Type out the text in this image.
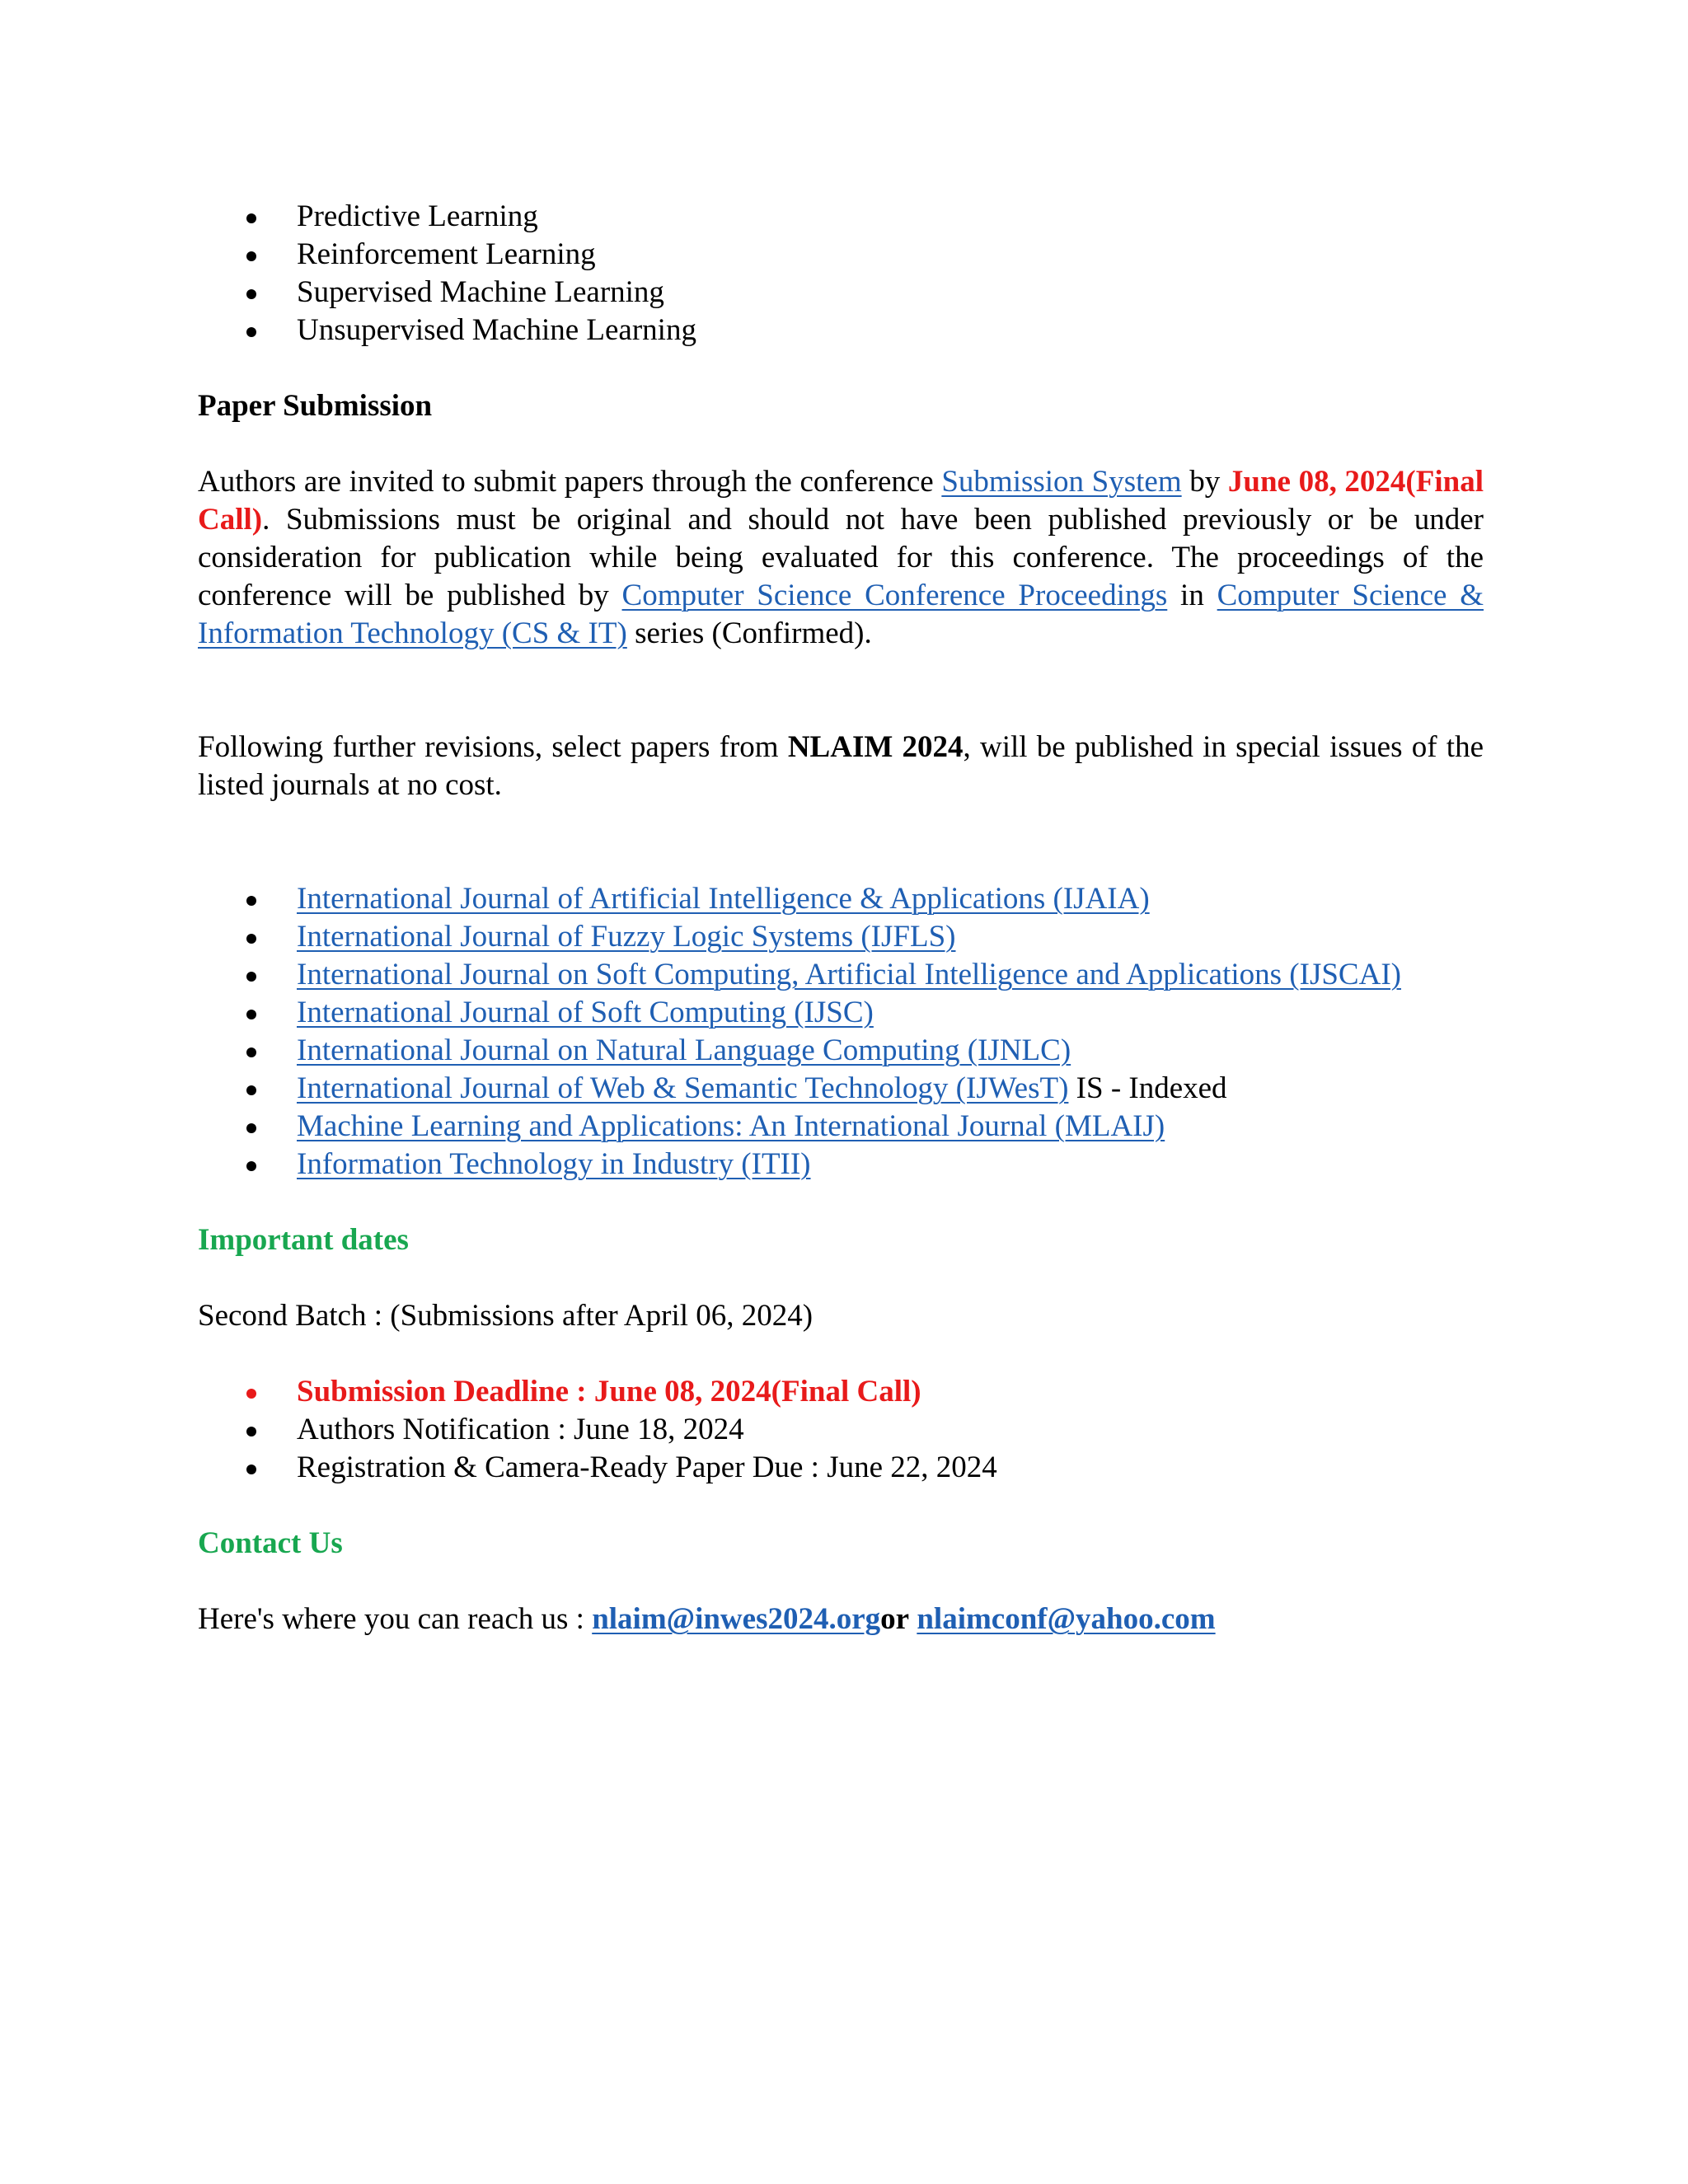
Predictive Learning
Reinforcement Learning
Supervised Machine Learning
Unsupervised Machine Learning

Paper Submission

Authors are invited to submit papers through the conference Submission System by June 08, 2024(Final Call). Submissions must be original and should not have been published previously or be under consideration for publication while being evaluated for this conference. The proceedings of the conference will be published by Computer Science Conference Proceedings in Computer Science & Information Technology (CS & IT) series (Confirmed).

Following further revisions, select papers from NLAIM 2024, will be published in special issues of the listed journals at no cost.

International Journal of Artificial Intelligence & Applications (IJAIA)
International Journal of Fuzzy Logic Systems (IJFLS)
International Journal on Soft Computing, Artificial Intelligence and Applications (IJSCAI)
International Journal of Soft Computing (IJSC)
International Journal on Natural Language Computing (IJNLC)
International Journal of Web & Semantic Technology (IJWesT) IS - Indexed
Machine Learning and Applications: An International Journal (MLAIJ)
Information Technology in Industry (ITII)

Important dates

Second Batch : (Submissions after April 06, 2024)

Submission Deadline : June 08, 2024(Final Call)
Authors Notification : June 18, 2024
Registration & Camera-Ready Paper Due : June 22, 2024

Contact Us

Here's where you can reach us : nlaim@inwes2024.orgor nlaimconf@yahoo.com
